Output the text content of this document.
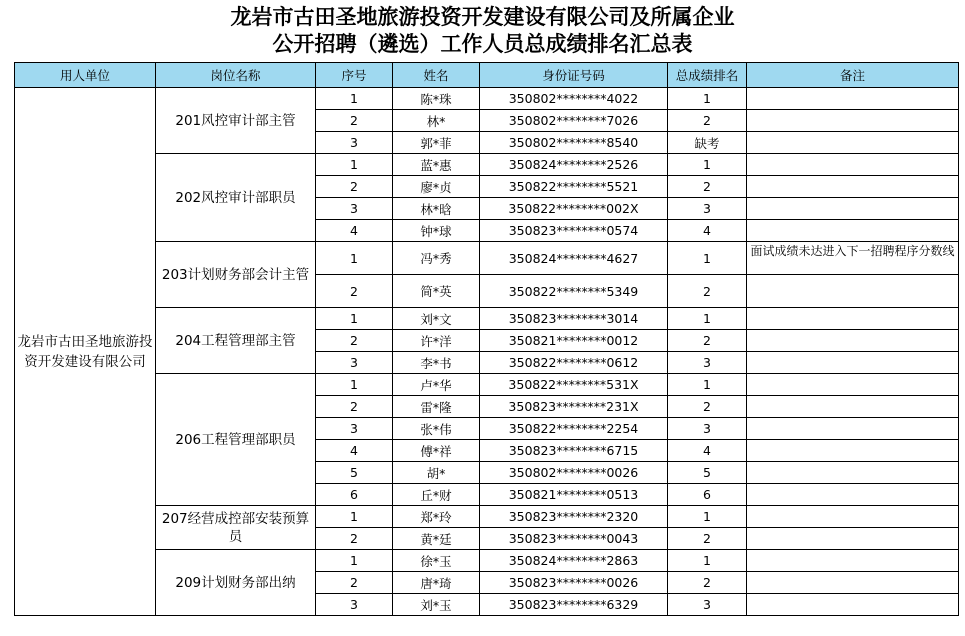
龙岩市古田圣地旅游投资开发建设有限公司及所属企业
公开招聘（遴选）工作人员总成绩排名汇总表
用人单位	岗位名称	序号	姓名	身份证号码	总成绩排名	备注
龙岩市古田圣地旅游投资开发建设有限公司	201风控审计部主管	1	陈*珠	350802********4022	1	
		2	林*	350802********7026	2	
		3	郭*菲	350802********8540	缺考	
	202风控审计部职员	1	蓝*惠	350824********2526	1	
		2	廖*贞	350822********5521	2	
		3	林*晗	350822********002X	3	
		4	钟*球	350823********0574	4	
	203计划财务部会计主管	1	冯*秀	350824********4627	1	面试成绩未达进入下一招聘程序分数线
		2	简*英	350822********5349	2	
	204工程管理部主管	1	刘*文	350823********3014	1	
		2	许*洋	350821********0012	2	
		3	李*书	350822********0612	3	
	206工程管理部职员	1	卢*华	350822********531X	1	
		2	雷*隆	350823********231X	2	
		3	张*伟	350822********2254	3	
		4	傅*祥	350823********6715	4	
		5	胡*	350802********0026	5	
		6	丘*财	350821********0513	6	
	207经营成控部安装预算员	1	郑*玲	350823********2320	1	
		2	黄*廷	350823********0043	2	
	209计划财务部出纳	1	徐*玉	350824********2863	1	
		2	唐*琦	350823********0026	2	
		3	刘*玉	350823********6329	3	
